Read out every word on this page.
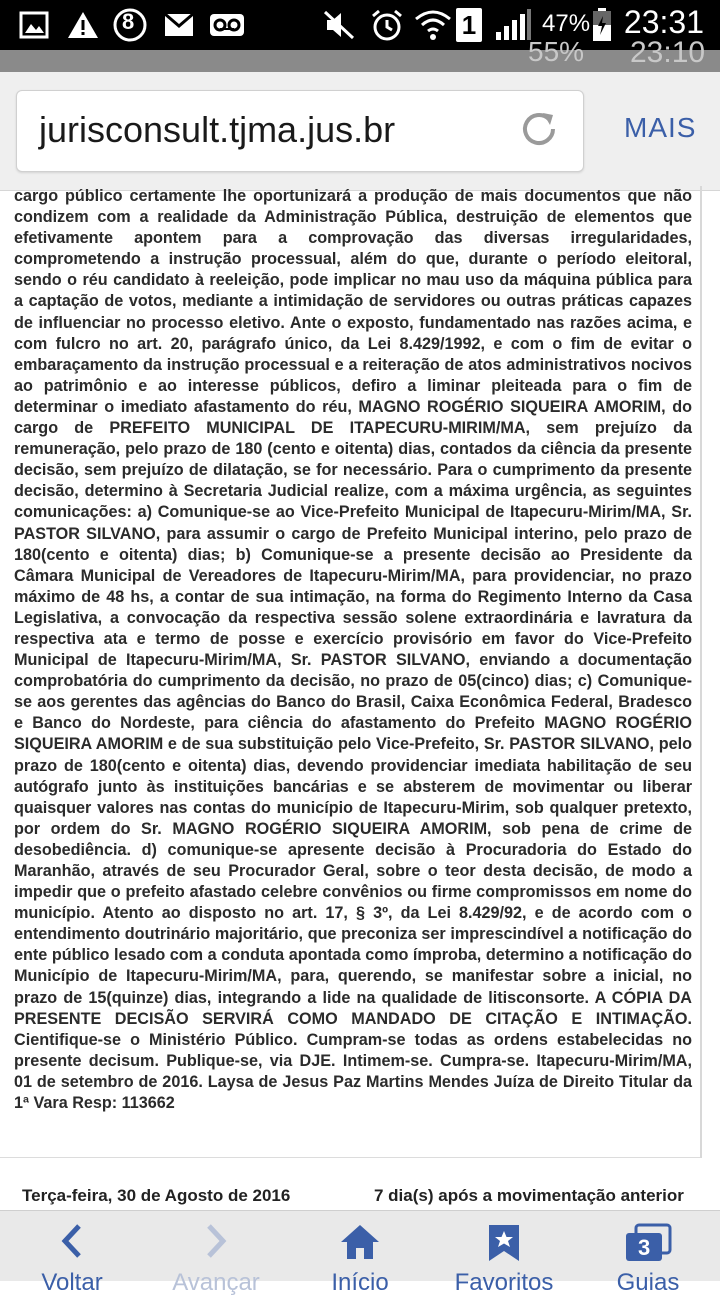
8	1	47% 23:31
55% 23:10
jurisconsult.tjma.jus.br	MAIS
cargo público certamente lhe oportunizará a produção de mais documentos que não condizem com a realidade da Administração Pública, destruição de elementos que efetivamente apontem para a comprovação das diversas irregularidades, comprometendo a instrução processual, além do que, durante o período eleitoral, sendo o réu candidato à reeleição, pode implicar no mau uso da máquina pública para a captação de votos, mediante a intimidação de servidores ou outras práticas capazes de influenciar no processo eletivo. Ante o exposto, fundamentado nas razões acima, e com fulcro no art. 20, parágrafo único, da Lei 8.429/1992, e com o fim de evitar o embaraçamento da instrução processual e a reiteração de atos administrativos nocivos ao patrimônio e ao interesse públicos, defiro a liminar pleiteada para o fim de determinar o imediato afastamento do réu, MAGNO ROGÉRIO SIQUEIRA AMORIM, do cargo de PREFEITO MUNICIPAL DE ITAPECURU-MIRIM/MA, sem prejuízo da remuneração, pelo prazo de 180 (cento e oitenta) dias, contados da ciência da presente decisão, sem prejuízo de dilatação, se for necessário. Para o cumprimento da presente decisão, determino à Secretaria Judicial realize, com a máxima urgência, as seguintes comunicações: a) Comunique-se ao Vice-Prefeito Municipal de Itapecuru-Mirim/MA, Sr. PASTOR SILVANO, para assumir o cargo de Prefeito Municipal interino, pelo prazo de 180(cento e oitenta) dias; b) Comunique-se a presente decisão ao Presidente da Câmara Municipal de Vereadores de Itapecuru-Mirim/MA, para providenciar, no prazo máximo de 48 hs, a contar de sua intimação, na forma do Regimento Interno da Casa Legislativa, a convocação da respectiva sessão solene extraordinária e lavratura da respectiva ata e termo de posse e exercício provisório em favor do Vice-Prefeito Municipal de Itapecuru-Mirim/MA, Sr. PASTOR SILVANO, enviando a documentação comprobatória do cumprimento da decisão, no prazo de 05(cinco) dias; c) Comunique-se aos gerentes das agências do Banco do Brasil, Caixa Econômica Federal, Bradesco e Banco do Nordeste, para ciência do afastamento do Prefeito MAGNO ROGÉRIO SIQUEIRA AMORIM e de sua substituição pelo Vice-Prefeito, Sr. PASTOR SILVANO, pelo prazo de 180(cento e oitenta) dias, devendo providenciar imediata habilitação de seu autógrafo junto às instituições bancárias e se absterem de movimentar ou liberar quaisquer valores nas contas do município de Itapecuru-Mirim, sob qualquer pretexto, por ordem do Sr. MAGNO ROGÉRIO SIQUEIRA AMORIM, sob pena de crime de desobediência. d) comunique-se apresente decisão à Procuradoria do Estado do Maranhão, através de seu Procurador Geral, sobre o teor desta decisão, de modo a impedir que o prefeito afastado celebre convênios ou firme compromissos em nome do município. Atento ao disposto no art. 17, § 3º, da Lei 8.429/92, e de acordo com o entendimento doutrinário majoritário, que preconiza ser imprescindível a notificação do ente público lesado com a conduta apontada como ímproba, determino a notificação do Município de Itapecuru-Mirim/MA, para, querendo, se manifestar sobre a inicial, no prazo de 15(quinze) dias, integrando a lide na qualidade de litisconsorte. A CÓPIA DA PRESENTE DECISÃO SERVIRÁ COMO MANDADO DE CITAÇÃO E INTIMAÇÃO. Cientifique-se o Ministério Público. Cumpram-se todas as ordens estabelecidas no presente decisum. Publique-se, via DJE. Intimem-se. Cumpra-se. Itapecuru-Mirim/MA, 01 de setembro de 2016. Laysa de Jesus Paz Martins Mendes Juíza de Direito Titular da 1ª Vara Resp: 113662
Terça-feira, 30 de Agosto de 2016	7 dia(s) após a movimentação anterior
Voltar	Avançar	Início	Favoritos
3
Guias
